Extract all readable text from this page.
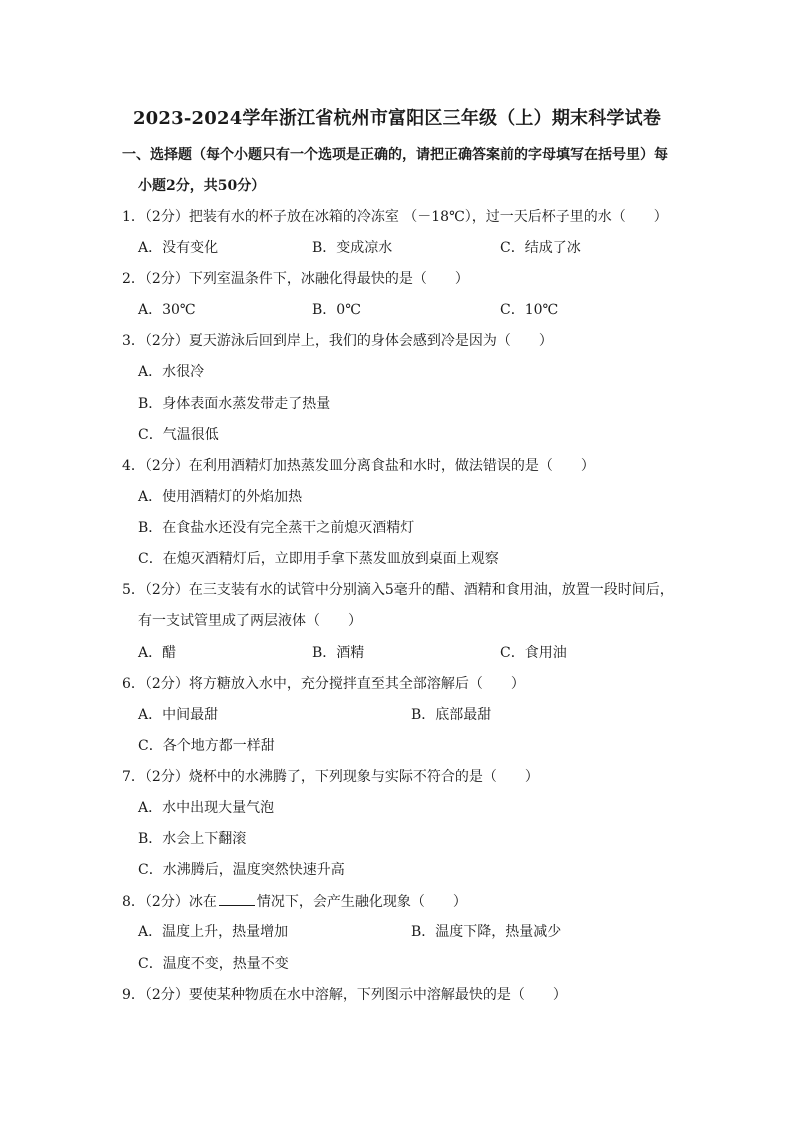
2023-2024学年浙江省杭州市富阳区三年级（上）期末科学试卷
一、选择题（每个小题只有一个选项是正确的，请把正确答案前的字母填写在括号里）每
小题2分，共50分）
1．（2分）把装有水的杯子放在冰箱的冷冻室 （－18℃），过一天后杯子里的水（　　）
A．没有变化	B．变成凉水	C．结成了冰
2．（2分）下列室温条件下，冰融化得最快的是（　　）
A．30℃	B．0℃	C．10℃
3．（2分）夏天游泳后回到岸上，我们的身体会感到冷是因为（　　）
A．水很冷
B．身体表面水蒸发带走了热量
C．气温很低
4．（2分）在利用酒精灯加热蒸发皿分离食盐和水时，做法错误的是（　　）
A．使用酒精灯的外焰加热
B．在食盐水还没有完全蒸干之前熄灭酒精灯
C．在熄灭酒精灯后，立即用手拿下蒸发皿放到桌面上观察
5．（2分）在三支装有水的试管中分别滴入5毫升的醋、酒精和食用油，放置一段时间后，
有一支试管里成了两层液体（　　）
A．醋	B．酒精	C．食用油
6．（2分）将方糖放入水中，充分搅拌直至其全部溶解后（　　）
A．中间最甜	B．底部最甜
C．各个地方都一样甜
7．（2分）烧杯中的水沸腾了，下列现象与实际不符合的是（　　）
A．水中出现大量气泡
B．水会上下翻滚
C．水沸腾后，温度突然快速升高
8．（2分）冰在	情况下，会产生融化现象（　　）
A．温度上升，热量增加	B．温度下降，热量减少
C．温度不变，热量不变
9．（2分）要使某种物质在水中溶解，下列图示中溶解最快的是（　　）
